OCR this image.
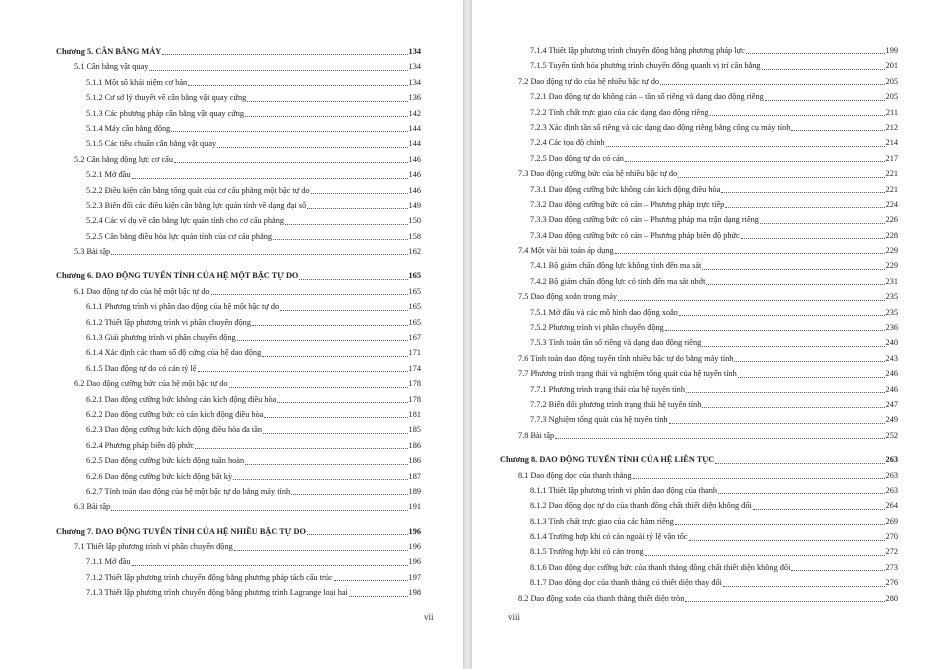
Chương 5. CÂN BẰNG MÁY	134
5.1 Cân bằng vật quay	134
5.1.1 Một số khái niệm cơ bản	134
5.1.2 Cơ sở lý thuyết về cân bằng vật quay cứng	136
5.1.3 Các phương pháp cân bằng vật quay cứng	142
5.1.4 Máy cân bằng động	144
5.1.5 Các tiêu chuẩn cân bằng vật quay	144
5.2 Cân bằng động lực cơ cấu	146
5.2.1 Mở đầu	146
5.2.2 Điều kiện cân bằng tổng quát của cơ cấu phẳng một bậc tự do	146
5.2.3 Biến đổi các điều kiện cân bằng lực quán tính về dạng đại số	149
5.2.4 Các ví dụ về cân bằng lực quán tính cho cơ cấu phẳng	150
5.2.5 Cân bằng điều hòa lực quán tính của cơ cấu phẳng	158
5.3 Bài tập	162
Chương 6. DAO ĐỘNG TUYẾN TÍNH CỦA HỆ MỘT BẬC TỰ DO	165
6.1 Dao động tự do của hệ một bậc tự do	165
6.1.1 Phương trình vi phân dao động của hệ một bậc tự do	165
6.1.2 Thiết lập phương trình vi phân chuyển động	165
6.1.3 Giải phương trình vi phân chuyển động	167
6.1.4 Xác định các tham số độ cứng của hệ dao động	171
6.1.5 Dao động tự do có cản tỷ lệ	174
6.2 Dao động cưỡng bức của hệ một bậc tự do	178
6.2.1 Dao động cưỡng bức không cản kích động điều hòa	178
6.2.2 Dao động cưỡng bức có cản kích động điều hòa	181
6.2.3 Dao động cưỡng bức kích động điều hòa đa tần	185
6.2.4 Phương pháp biên độ phức	186
6.2.5 Dao động cưỡng bức kích động tuần hoàn	186
6.2.6 Dao động cưỡng bức kích động bất kỳ	187
6.2.7 Tính toán dao động của hệ một bậc tự do bằng máy tính	189
6.3 Bài tập	191
Chương 7. DAO ĐỘNG TUYẾN TÍNH CỦA HỆ NHIỀU BẬC TỰ DO	196
7.1 Thiết lập phương trình vi phân chuyển động	196
7.1.1 Mở đầu	196
7.1.2 Thiết lập phương trình chuyển động bằng phương pháp tách cấu trúc	197
7.1.3 Thiết lập phương trình chuyển động bằng phương trình Lagrange loại hai	198
vii
7.1.4 Thiết lập phương trình chuyển động bằng phương pháp lực	199
7.1.5 Tuyến tính hóa phương trình chuyển động quanh vị trí cân bằng	201
7.2 Dao động tự do của hệ nhiều bậc tự do	205
7.2.1 Dao động tự do không cản – tần số riêng và dạng dao động riêng	205
7.2.2 Tính chất trực giao của các dạng dao động riêng	211
7.2.3 Xác định tần số riêng và các dạng dao động riêng bằng công cụ máy tính	212
7.2.4 Các tọa độ chính	214
7.2.5 Dao động tự do có cản	217
7.3 Dao động cưỡng bức của hệ nhiều bậc tự do	221
7.3.1 Dao động cưỡng bức không cản kích động điều hòa	221
7.3.2 Dao động cưỡng bức có cản – Phương pháp trực tiếp	224
7.3.3 Dao động cưỡng bức có cản – Phương pháp ma trận dạng riêng	226
7.3.4 Dao động cưỡng bức có cản – Phương pháp biên độ phức	228
7.4 Một vài bài toán áp dụng	229
7.4.1 Bộ giảm chấn động lực không tính đến ma sát	229
7.4.2 Bộ giảm chấn động lực có tính đến ma sát nhớt	231
7.5 Dao động xoắn trong máy	235
7.5.1 Mở đầu và các mô hình dao động xoắn	235
7.5.2 Phương trình vi phân chuyển động	236
7.5.3 Tính toán tần số riêng và dạng dao động riêng	240
7.6 Tính toán dao động tuyến tính nhiều bậc tự do bằng máy tính	243
7.7 Phương trình trạng thái và nghiệm tổng quát của hệ tuyến tính	246
7.7.1 Phương trình trạng thái của hệ tuyến tính	246
7.7.2 Biến đổi phương trình trạng thái hệ tuyến tính	247
7.7.3 Nghiệm tổng quát của hệ tuyến tính	249
7.8 Bài tập	252
Chương 8. DAO ĐỘNG TUYẾN TÍNH CỦA HỆ LIÊN TỤC	263
8.1 Dao động dọc của thanh thẳng	263
8.1.1 Thiết lập phương trình vi phân dao động của thanh	263
8.1.2 Dao động dọc tự do của thanh đồng chất thiết diện không đổi	264
8.1.3 Tính chất trực giao của các hàm riêng	269
8.1.4 Trường hợp khi có cản ngoài tỷ lệ vận tốc	270
8.1.5 Trường hợp khi có cản trong	272
8.1.6 Dao động dọc cưỡng bức của thanh thẳng đồng chất thiết diện không đổi	273
8.1.7 Dao động dọc của thanh thẳng có thiết diện thay đổi	276
8.2 Dao động xoắn của thanh thẳng thiết diện tròn	280
viii
